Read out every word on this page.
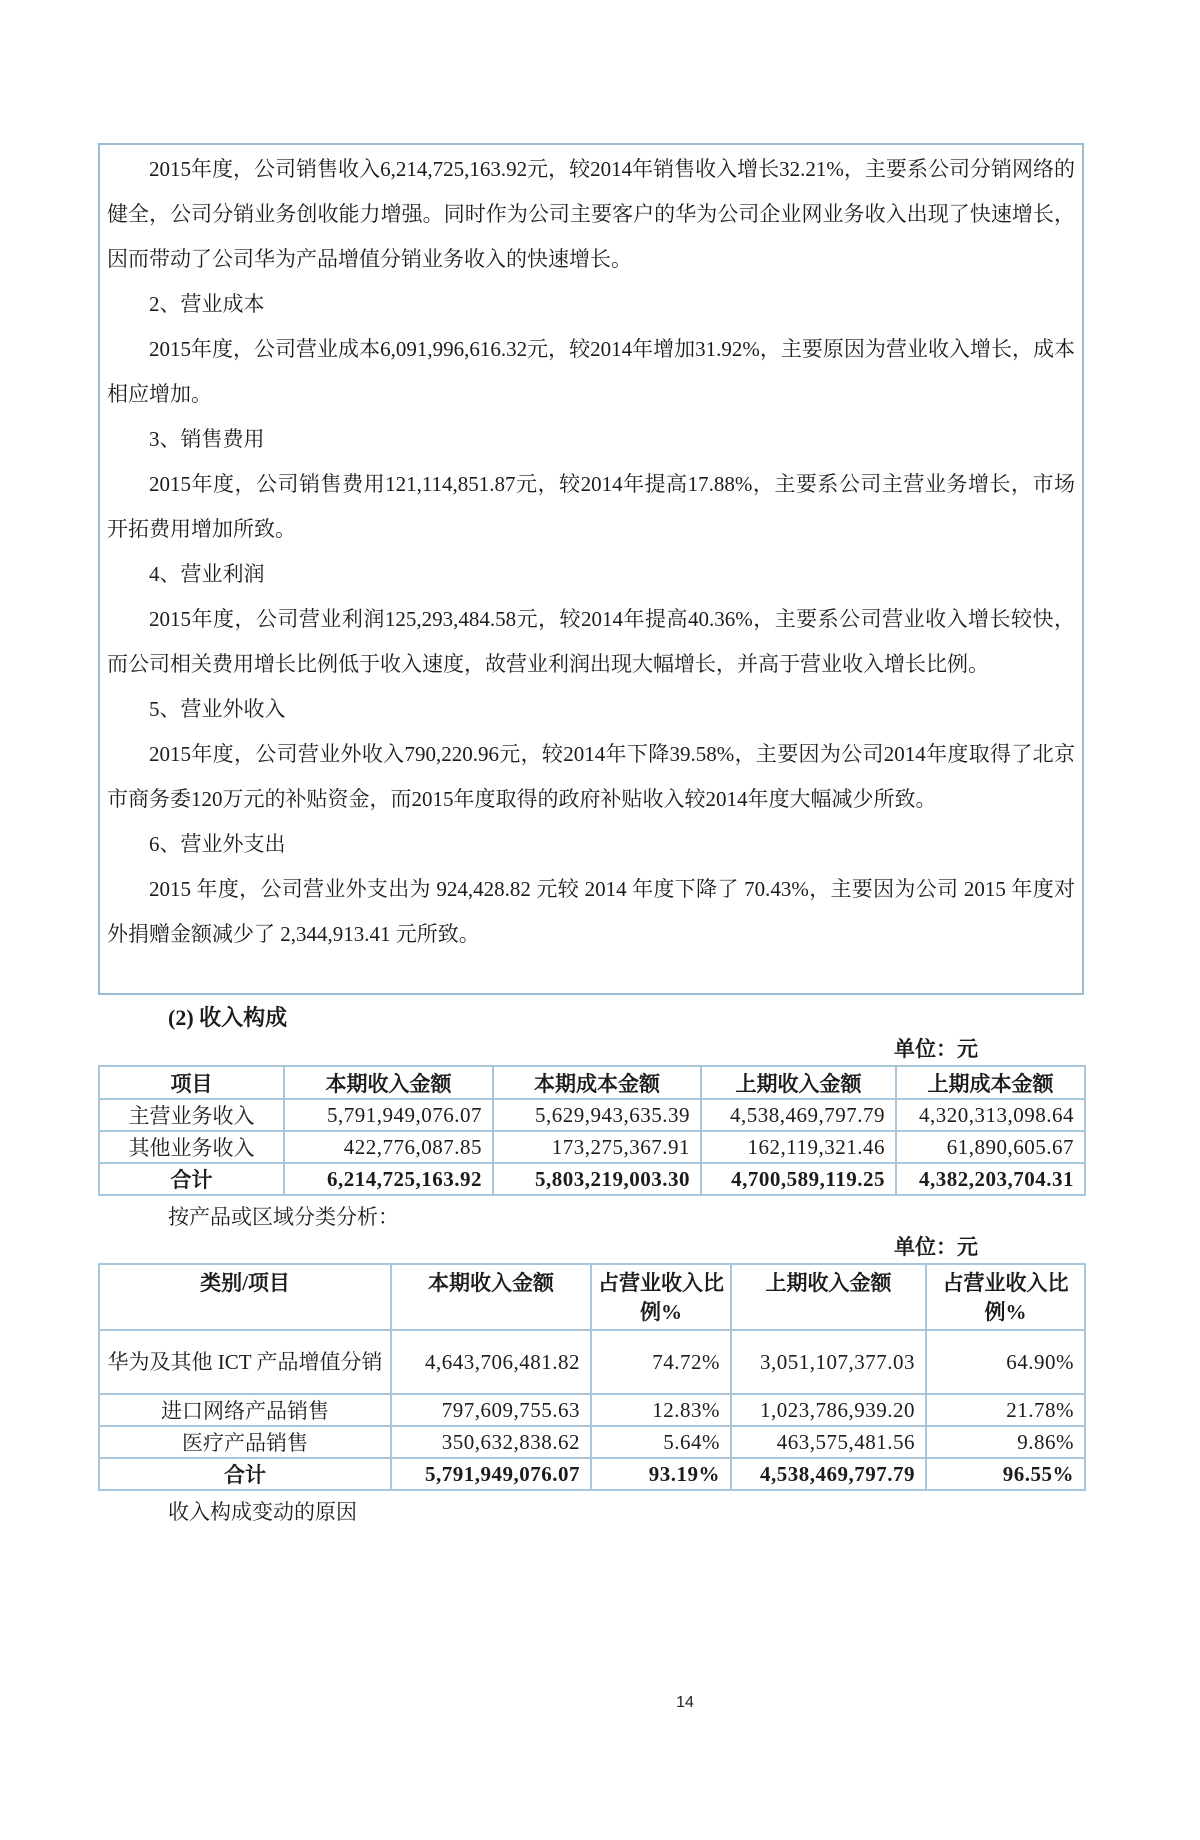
2015年度，公司销售收入6,214,725,163.92元，较2014年销售收入增长32.21%，主要系公司分销网络的健全，公司分销业务创收能力增强。同时作为公司主要客户的华为公司企业网业务收入出现了快速增长，因而带动了公司华为产品增值分销业务收入的快速增长。

2、营业成本

2015年度，公司营业成本6,091,996,616.32元，较2014年增加31.92%，主要原因为营业收入增长，成本相应增加。

3、销售费用

2015年度，公司销售费用121,114,851.87元，较2014年提高17.88%，主要系公司主营业务增长，市场开拓费用增加所致。

4、营业利润

2015年度，公司营业利润125,293,484.58元，较2014年提高40.36%，主要系公司营业收入增长较快，而公司相关费用增长比例低于收入速度，故营业利润出现大幅增长，并高于营业收入增长比例。

5、营业外收入

2015年度，公司营业外收入790,220.96元，较2014年下降39.58%，主要因为公司2014年度取得了北京市商务委120万元的补贴资金，而2015年度取得的政府补贴收入较2014年度大幅减少所致。

6、营业外支出

2015 年度，公司营业外支出为 924,428.82 元较 2014 年度下降了 70.43%，主要因为公司 2015 年度对外捐赠金额减少了 2,344,913.41 元所致。

(2) 收入构成
单位：元
项目	本期收入金额	本期成本金额	上期收入金额	上期成本金额
主营业务收入	5,791,949,076.07	5,629,943,635.39	4,538,469,797.79	4,320,313,098.64
其他业务收入	422,776,087.85	173,275,367.91	162,119,321.46	61,890,605.67
合计	6,214,725,163.92	5,803,219,003.30	4,700,589,119.25	4,382,203,704.31
按产品或区域分类分析：
单位：元
类别/项目	本期收入金额	占营业收入比例%	上期收入金额	占营业收入比例%
华为及其他 ICT 产品增值分销	4,643,706,481.82	74.72%	3,051,107,377.03	64.90%
进口网络产品销售	797,609,755.63	12.83%	1,023,786,939.20	21.78%
医疗产品销售	350,632,838.62	5.64%	463,575,481.56	9.86%
合计	5,791,949,076.07	93.19%	4,538,469,797.79	96.55%
收入构成变动的原因
14
